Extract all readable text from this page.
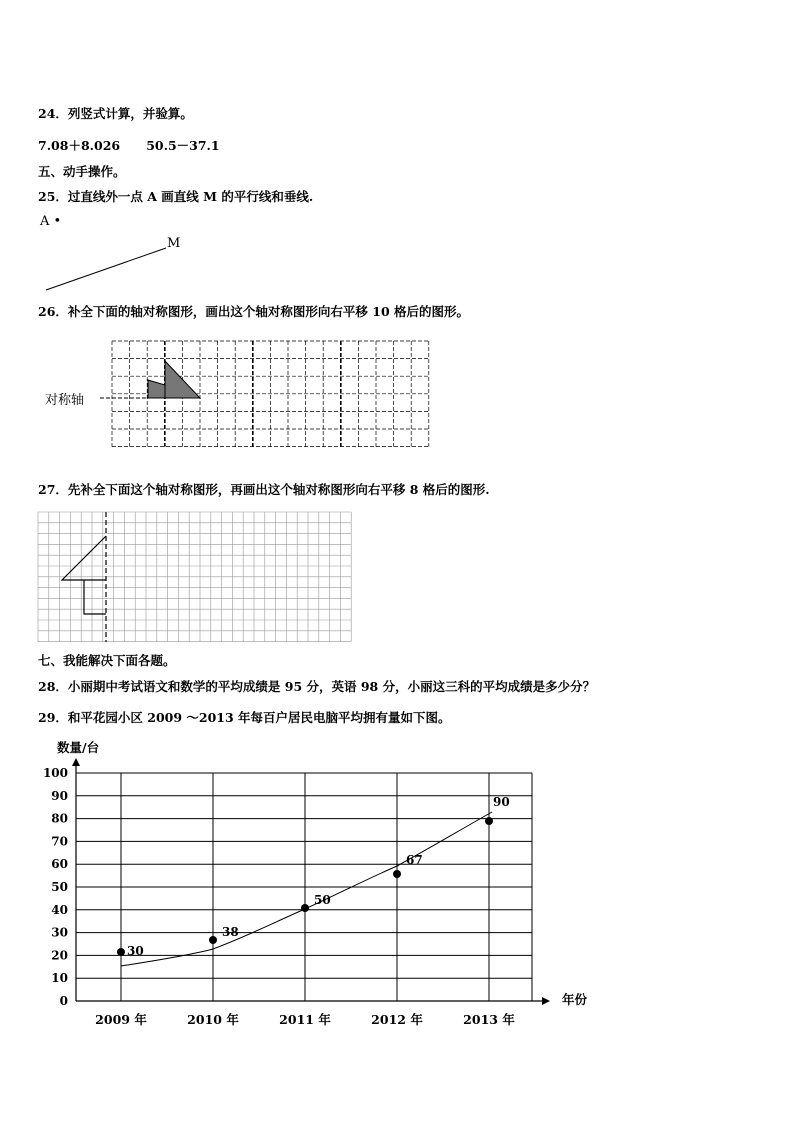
24．列竖式计算，并验算。
7.08＋8.026      50.5－37.1
五、动手操作。
25．过直线外一点 A 画直线 M 的平行线和垂线.
A •
M
26．补全下面的轴对称图形，画出这个轴对称图形向右平移 10 格后的图形。
对称轴
27．先补全下面这个轴对称图形，再画出这个轴对称图形向右平移 8 格后的图形.
七、我能解决下面各题。
28．小丽期中考试语文和数学的平均成绩是 95 分，英语 98 分，小丽这三科的平均成绩是多少分？
29．和平花园小区 2009 ～2013 年每百户居民电脑平均拥有量如下图。
数量/台
年份
0
10
20
30
40
50
60
70
80
90
100
2009 年	2010 年	2011 年	2012 年	2013 年
30
38
50
67
90
